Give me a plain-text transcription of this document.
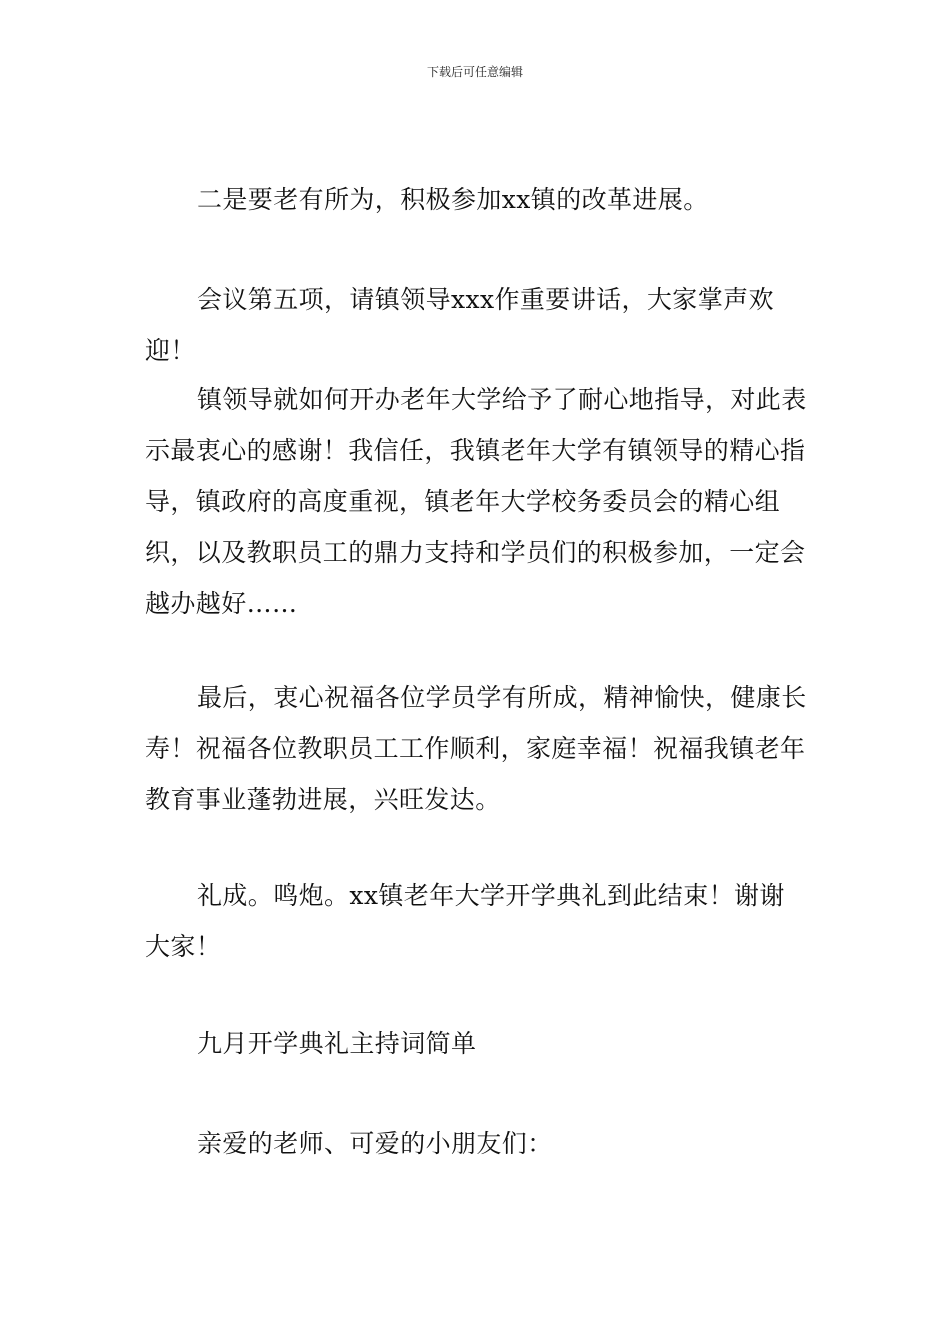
下载后可任意编辑

二是要老有所为，积极参加xx镇的改革进展。

会议第五项，请镇领导xxx作重要讲话，大家掌声欢迎！

镇领导就如何开办老年大学给予了耐心地指导，对此表示最衷心的感谢！我信任，我镇老年大学有镇领导的精心指导，镇政府的高度重视，镇老年大学校务委员会的精心组织，以及教职员工的鼎力支持和学员们的积极参加，一定会越办越好……

最后，衷心祝福各位学员学有所成，精神愉快，健康长寿！祝福各位教职员工工作顺利，家庭幸福！祝福我镇老年教育事业蓬勃进展，兴旺发达。

礼成。鸣炮。xx镇老年大学开学典礼到此结束！谢谢大家！

九月开学典礼主持词简单

亲爱的老师、可爱的小朋友们：
